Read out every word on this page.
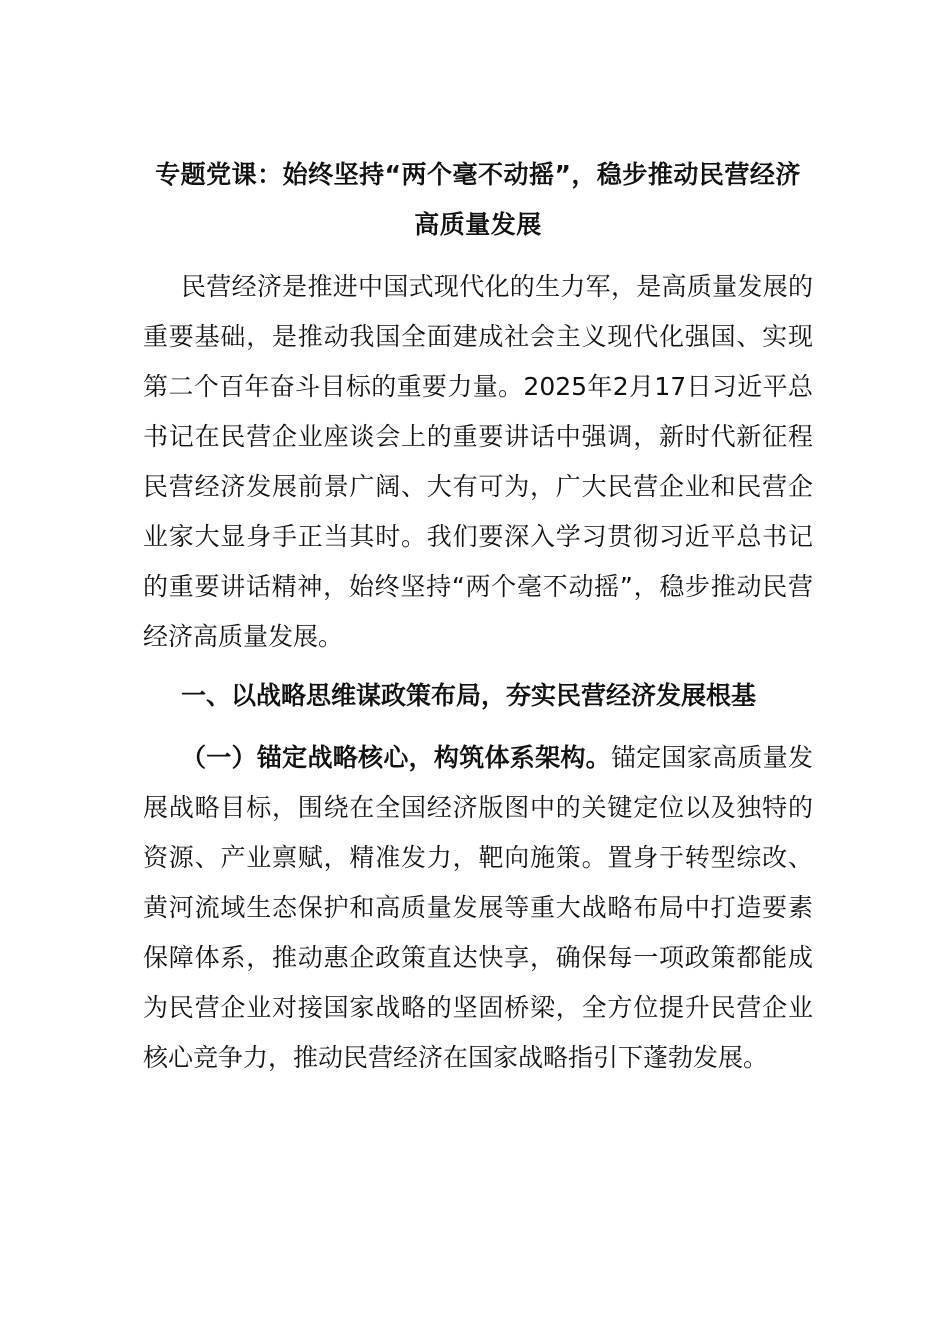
专题党课：始终坚持“两个毫不动摇”，稳步推动民营经济高质量发展

民营经济是推进中国式现代化的生力军，是高质量发展的重要基础，是推动我国全面建成社会主义现代化强国、实现第二个百年奋斗目标的重要力量。2025年2月17日习近平总书记在民营企业座谈会上的重要讲话中强调，新时代新征程民营经济发展前景广阔、大有可为，广大民营企业和民营企业家大显身手正当其时。我们要深入学习贯彻习近平总书记的重要讲话精神，始终坚持“两个毫不动摇”，稳步推动民营经济高质量发展。

一、以战略思维谋政策布局，夯实民营经济发展根基

（一）锚定战略核心，构筑体系架构。锚定国家高质量发展战略目标，围绕在全国经济版图中的关键定位以及独特的资源、产业禀赋，精准发力，靶向施策。置身于转型综改、黄河流域生态保护和高质量发展等重大战略布局中打造要素保障体系，推动惠企政策直达快享，确保每一项政策都能成为民营企业对接国家战略的坚固桥梁，全方位提升民营企业核心竞争力，推动民营经济在国家战略指引下蓬勃发展。
